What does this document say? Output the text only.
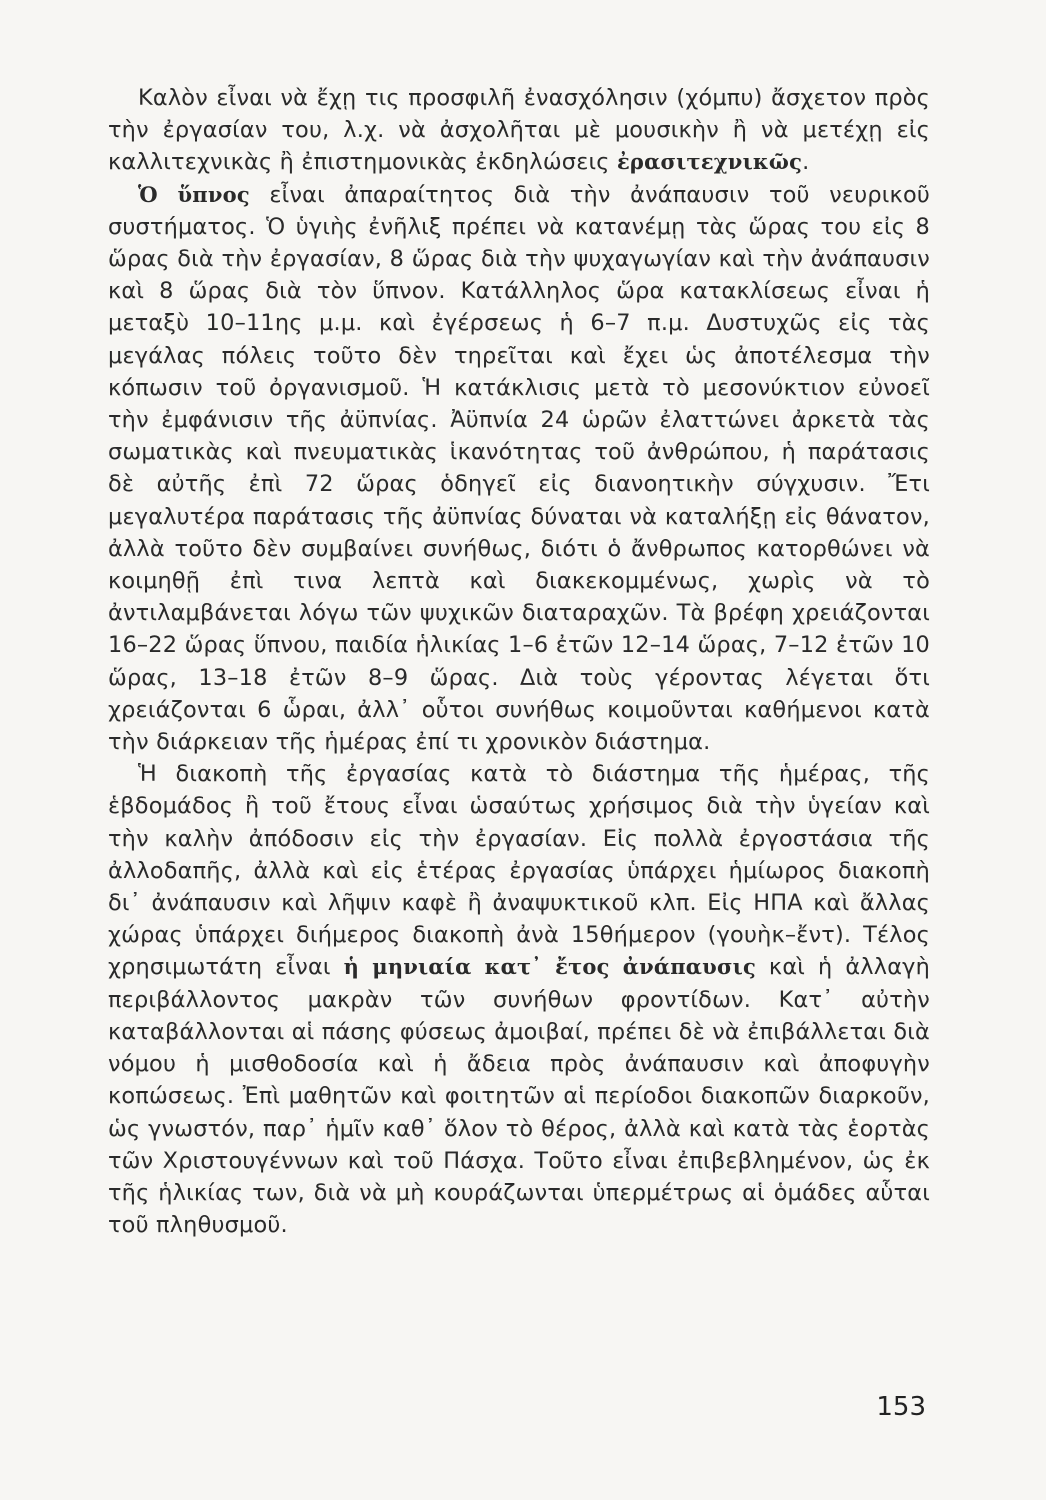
Καλὸν εἶναι νὰ ἔχῃ τις προσφιλῆ ἐνασχόλησιν (χόμπυ) ἄσχετον πρὸς τὴν ἐργασίαν του, λ.χ. νὰ ἀσχολῆται μὲ μουσικὴν ἢ νὰ μετέχῃ εἰς καλλιτεχνικὰς ἢ ἐπιστημονικὰς ἐκδηλώσεις ἐρασιτεχνικῶς.

Ὁ ὕπνος εἶναι ἀπαραίτητος διὰ τὴν ἀνάπαυσιν τοῦ νευρικοῦ συστήματος. Ὁ ὑγιὴς ἐνῆλιξ πρέπει νὰ κατανέμῃ τὰς ὥρας του εἰς 8 ὥρας διὰ τὴν ἐργασίαν, 8 ὥρας διὰ τὴν ψυχαγωγίαν καὶ τὴν ἀνάπαυσιν καὶ 8 ὥρας διὰ τὸν ὕπνον. Κατάλληλος ὥρα κατακλίσεως εἶναι ἡ μεταξὺ 10–11ης μ.μ. καὶ ἐγέρσεως ἡ 6–7 π.μ. Δυστυχῶς εἰς τὰς μεγάλας πόλεις τοῦτο δὲν τηρεῖται καὶ ἔχει ὡς ἀποτέλεσμα τὴν κόπωσιν τοῦ ὀργανισμοῦ. Ἡ κατάκλισις μετὰ τὸ μεσονύκτιον εὐνοεῖ τὴν ἐμφάνισιν τῆς ἀϋπνίας. Ἀϋπνία 24 ὡρῶν ἐλαττώνει ἀρκετὰ τὰς σωματικὰς καὶ πνευματικὰς ἱκανότητας τοῦ ἀνθρώπου, ἡ παράτασις δὲ αὐτῆς ἐπὶ 72 ὥρας ὁδηγεῖ εἰς διανοητικὴν σύγχυσιν. Ἔτι μεγαλυτέρα παράτασις τῆς ἀϋπνίας δύναται νὰ καταλήξῃ εἰς θάνατον, ἀλλὰ τοῦτο δὲν συμβαίνει συνήθως, διότι ὁ ἄνθρωπος κατορθώνει νὰ κοιμηθῇ ἐπὶ τινα λεπτὰ καὶ διακεκομμένως, χωρὶς νὰ τὸ ἀντιλαμβάνεται λόγω τῶν ψυχικῶν διαταραχῶν. Τὰ βρέφη χρειάζονται 16–22 ὥρας ὕπνου, παιδία ἡλικίας 1–6 ἐτῶν 12–14 ὥρας, 7–12 ἐτῶν 10 ὥρας, 13–18 ἐτῶν 8–9 ὥρας. Διὰ τοὺς γέροντας λέγεται ὅτι χρειάζονται 6 ὧραι, ἀλλ᾽ οὗτοι συνήθως κοιμοῦνται καθήμενοι κατὰ τὴν διάρκειαν τῆς ἡμέρας ἐπί τι χρονικὸν διάστημα.

Ἡ διακοπὴ τῆς ἐργασίας κατὰ τὸ διάστημα τῆς ἡμέρας, τῆς ἑβδομάδος ἢ τοῦ ἔτους εἶναι ὡσαύτως χρήσιμος διὰ τὴν ὑγείαν καὶ τὴν καλὴν ἀπόδοσιν εἰς τὴν ἐργασίαν. Εἰς πολλὰ ἐργοστάσια τῆς ἀλλοδαπῆς, ἀλλὰ καὶ εἰς ἑτέρας ἐργασίας ὑπάρχει ἡμίωρος διακοπὴ δι᾽ ἀνάπαυσιν καὶ λῆψιν καφὲ ἢ ἀναψυκτικοῦ κλπ. Εἰς ΗΠΑ καὶ ἄλλας χώρας ὑπάρχει διήμερος διακοπὴ ἀνὰ 15θήμερον (γουὴκ–ἔντ). Τέλος χρησιμωτάτη εἶναι ἡ μηνιαία κατ᾽ ἔτος ἀνάπαυσις καὶ ἡ ἀλλαγὴ περιβάλλοντος μακρὰν τῶν συνήθων φροντίδων. Κατ᾽ αὐτὴν καταβάλλονται αἱ πάσης φύσεως ἀμοιβαί, πρέπει δὲ νὰ ἐπιβάλλεται διὰ νόμου ἡ μισθοδοσία καὶ ἡ ἄδεια πρὸς ἀνάπαυσιν καὶ ἀποφυγὴν κοπώσεως. Ἐπὶ μαθητῶν καὶ φοιτητῶν αἱ περίοδοι διακοπῶν διαρκοῦν, ὡς γνωστόν, παρ᾽ ἡμῖν καθ᾽ ὅλον τὸ θέρος, ἀλλὰ καὶ κατὰ τὰς ἑορτὰς τῶν Χριστουγέννων καὶ τοῦ Πάσχα. Τοῦτο εἶναι ἐπιβεβλημένον, ὡς ἐκ τῆς ἡλικίας των, διὰ νὰ μὴ κουράζωνται ὑπερμέτρως αἱ ὁμάδες αὗται τοῦ πληθυσμοῦ.

153
